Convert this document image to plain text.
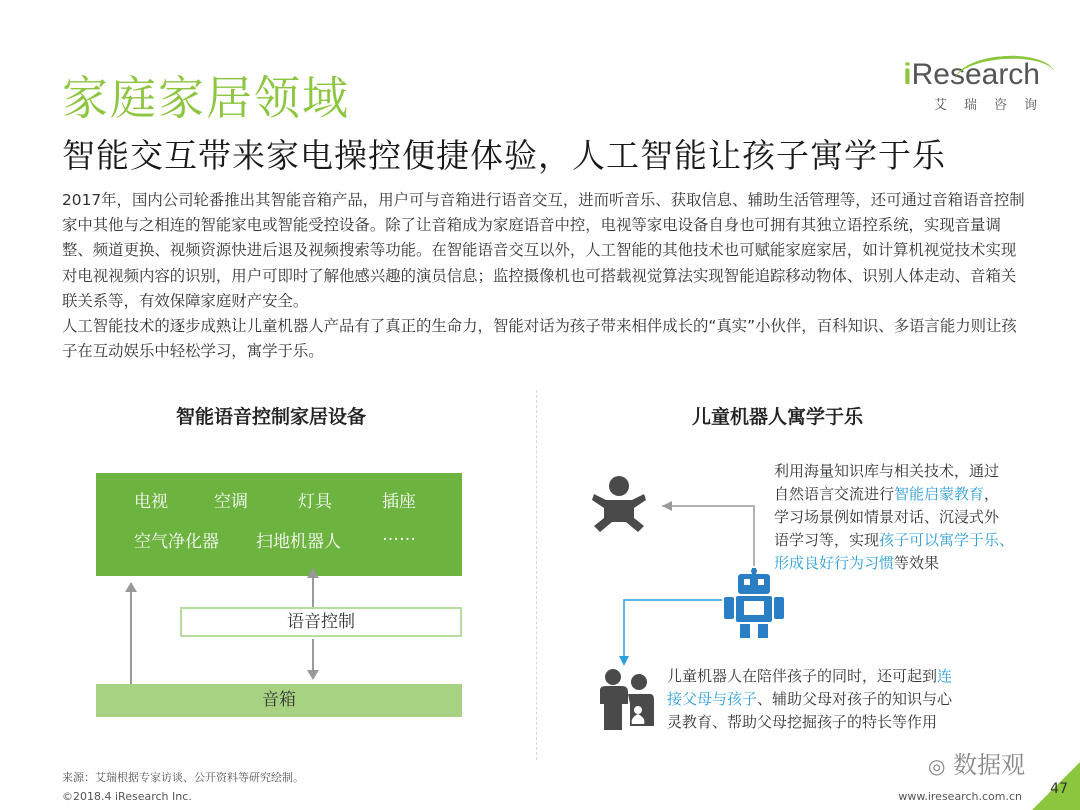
家庭家居领域
智能交互带来家电操控便捷体验，人工智能让孩子寓学于乐
iResearch
艾瑞咨询

2017年，国内公司轮番推出其智能音箱产品，用户可与音箱进行语音交互，进而听音乐、获取信息、辅助生活管理等，还可通过音箱语音控制家中其他与之相连的智能家电或智能受控设备。除了让音箱成为家庭语音中控，电视等家电设备自身也可拥有其独立语控系统，实现音量调整、频道更换、视频资源快进后退及视频搜索等功能。在智能语音交互以外，人工智能的其他技术也可赋能家庭家居，如计算机视觉技术实现对电视视频内容的识别，用户可即时了解他感兴趣的演员信息；监控摄像机也可搭载视觉算法实现智能追踪移动物体、识别人体走动、音箱关联关系等，有效保障家庭财产安全。

人工智能技术的逐步成熟让儿童机器人产品有了真正的生命力，智能对话为孩子带来相伴成长的“真实”小伙伴，百科知识、多语言能力则让孩子在互动娱乐中轻松学习，寓学于乐。

智能语音控制家居设备
电视	空调	灯具	插座
空气净化器 扫地机器人 ……
语音控制
音箱
儿童机器人寓学于乐
利用海量知识库与相关技术，通过
自然语言交流进行智能启蒙教育，
学习场景例如情景对话、沉浸式外
语学习等，实现孩子可以寓学于乐、
形成良好行为习惯等效果
儿童机器人在陪伴孩子的同时，还可起到连
接父母与孩子、辅助父母对孩子的知识与心
灵教育、帮助父母挖掘孩子的特长等作用
来源：艾瑞根据专家访谈、公开资料等研究绘制。
©2018.4 iResearch Inc.	www.iresearch.com.cn
◎ 数据观
47
